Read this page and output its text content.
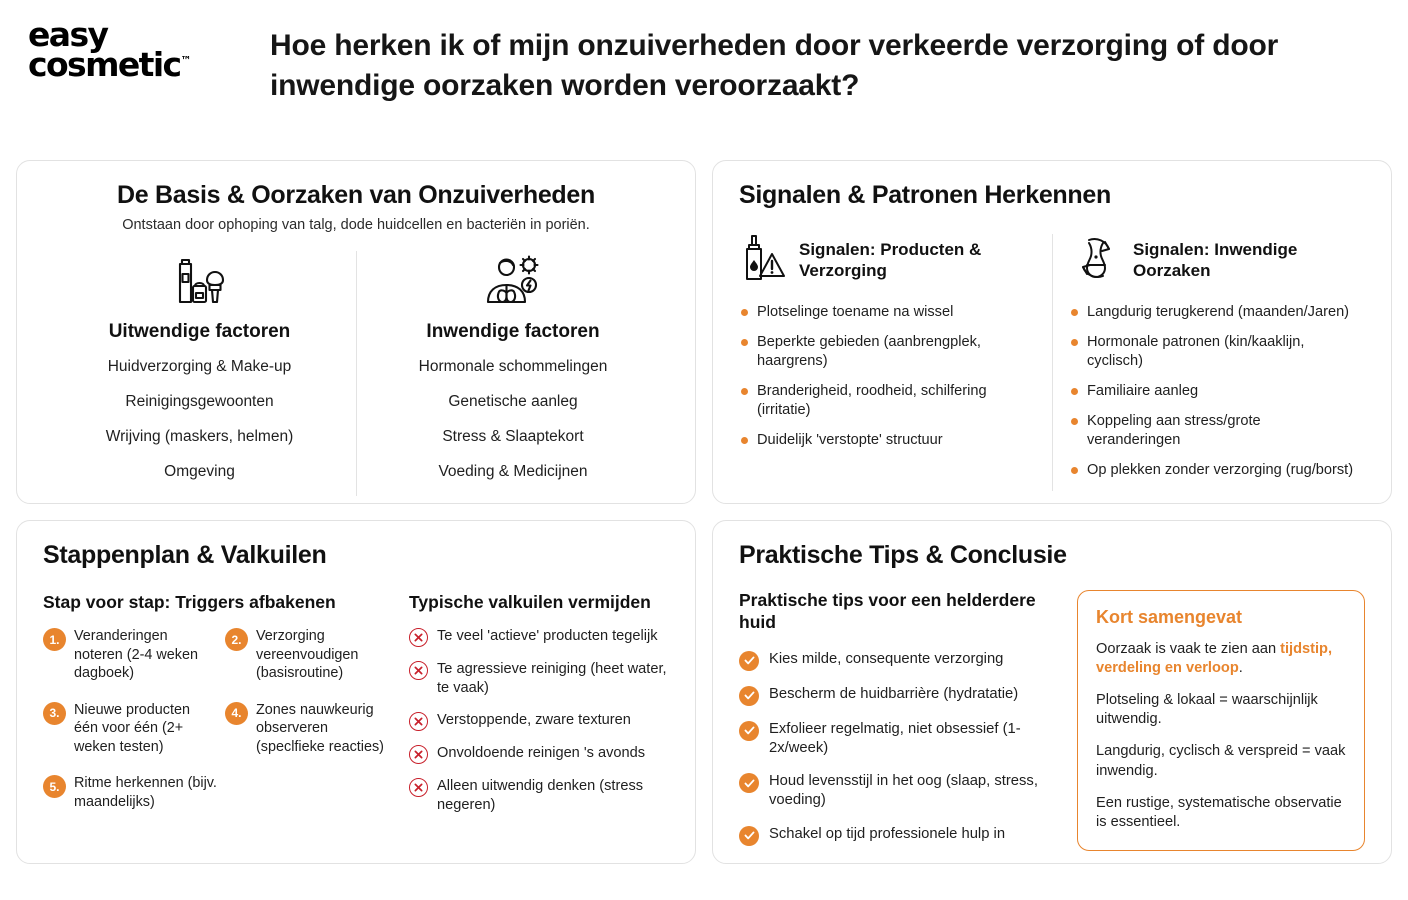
easy
cosmetic™	Hoe herken ik of mijn onzuiverheden door verkeerde verzorging of door inwendige oorzaken worden veroorzaakt?
De Basis & Oorzaken van Onzuiverheden

Ontstaan door ophoping van talg, dode huidcellen en bacteriën in poriën.

Uitwendige factoren
Huidverzorging & Make-up
Reinigingsgewoonten
Wrijving (maskers, helmen)
Omgeving
Inwendige factoren
Hormonale schommelingen
Genetische aanleg
Stress & Slaaptekort
Voeding & Medicijnen
Signalen & Patronen Herkennen
Signalen: Producten & Verzorging
Plotselinge toename na wissel
Beperkte gebieden (aanbrengplek, haargrens)
Branderigheid, roodheid, schilfering (irritatie)
Duidelijk 'verstopte' structuur
Signalen: Inwendige Oorzaken
Langdurig terugkerend (maanden/Jaren)
Hormonale patronen (kin/kaaklijn, cyclisch)
Familiaire aanleg
Koppeling aan stress/grote veranderingen
Op plekken zonder verzorging (rug/borst)
Stappenplan & Valkuilen
Stap voor stap: Triggers afbakenen
1.	Veranderingen noteren (2-4 weken dagboek)
2.	Verzorging vereenvoudigen (basisroutine)
3.	Nieuwe producten één voor één (2+ weken testen)
4.	Zones nauwkeurig observeren (speclfieke reacties)
5.	Ritme herkennen (bijv. maandelijks)
Typische valkuilen vermijden
Te veel 'actieve' producten tegelijk
Te agressieve reiniging (heet water, te vaak)
Verstoppende, zware texturen
Onvoldoende reinigen 's avonds
Alleen uitwendig denken (stress negeren)
Praktische Tips & Conclusie
Praktische tips voor een helderdere huid
Kies milde, consequente verzorging
Bescherm de huidbarrière (hydratatie)
Exfolieer regelmatig, niet obsessief (1-2x/week)
Houd levensstijl in het oog (slaap, stress, voeding)
Schakel op tijd professionele hulp in
Kort samengevat

Oorzaak is vaak te zien aan tijdstip, verdeling en verloop.

Plotseling & lokaal = waarschijnlijk uitwendig.

Langdurig, cyclisch & verspreid = vaak inwendig.

Een rustige, systematische observatie is essentieel.
